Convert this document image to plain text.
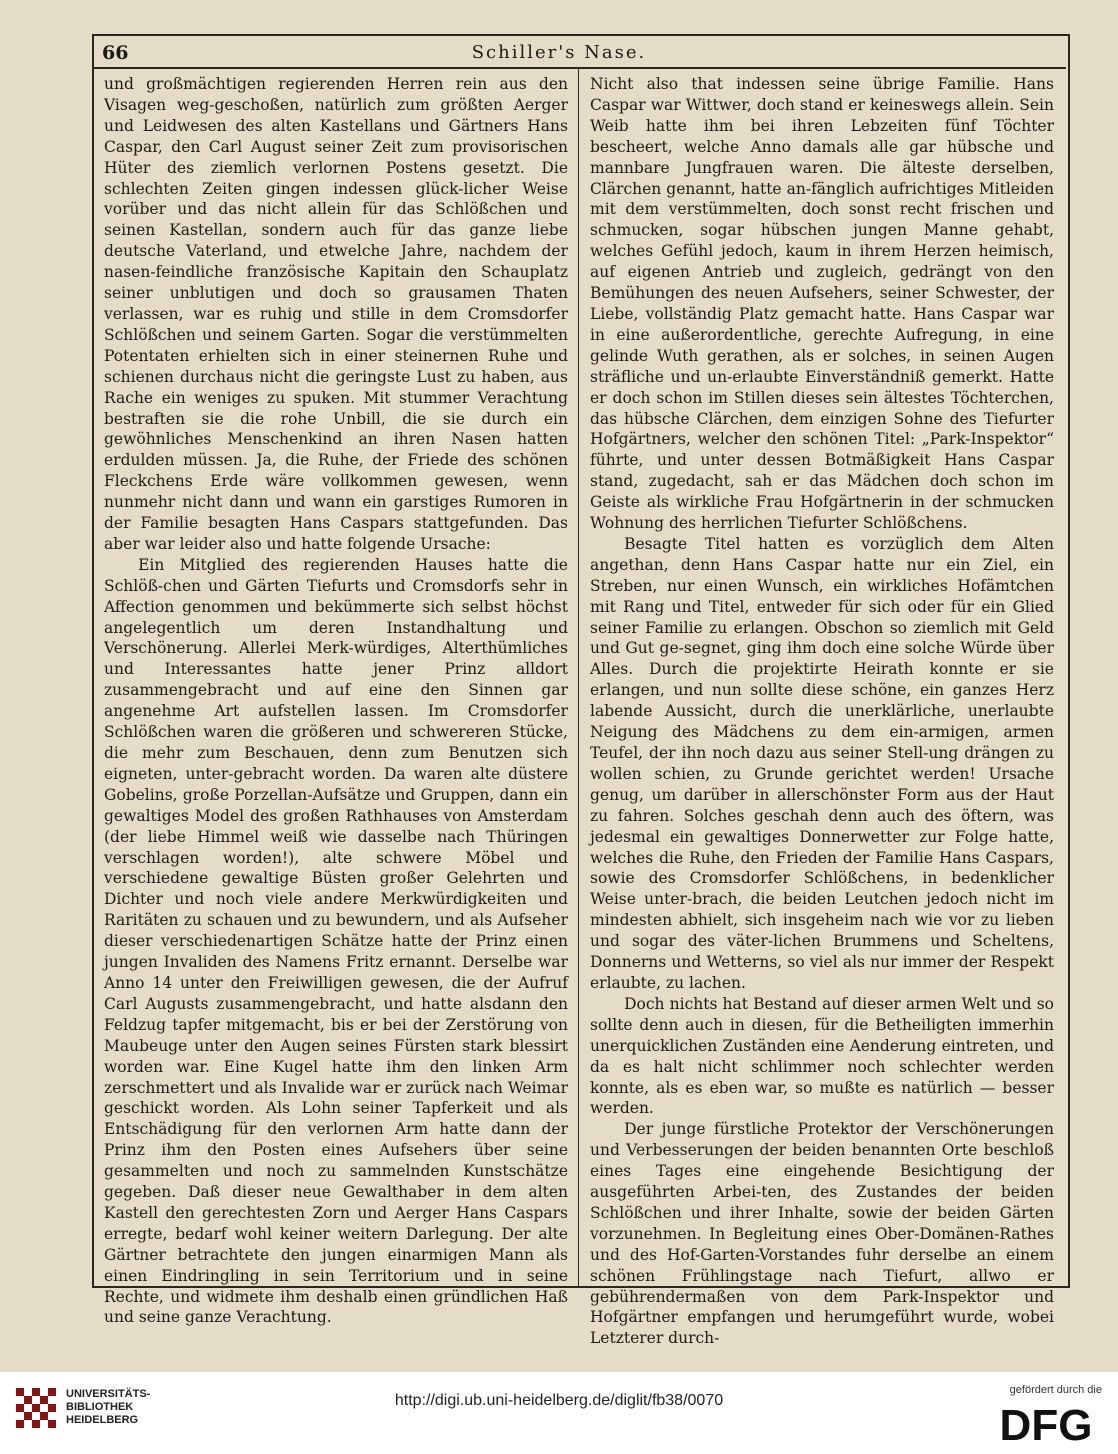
66	Schiller's Nase.

und großmächtigen regierenden Herren rein aus den Visagen weg-geschoßen, natürlich zum größten Aerger und Leidwesen des alten Kastellans und Gärtners Hans Caspar, den Carl August seiner Zeit zum provisorischen Hüter des ziemlich verlornen Postens gesetzt. Die schlechten Zeiten gingen indessen glück-licher Weise vorüber und das nicht allein für das Schlößchen und seinen Kastellan, sondern auch für das ganze liebe deutsche Vaterland, und etwelche Jahre, nachdem der nasen-feindliche französische Kapitain den Schauplatz seiner unblutigen und doch so grausamen Thaten verlassen, war es ruhig und stille in dem Cromsdorfer Schlößchen und seinem Garten. Sogar die verstümmelten Potentaten erhielten sich in einer steinernen Ruhe und schienen durchaus nicht die geringste Lust zu haben, aus Rache ein weniges zu spuken. Mit stummer Verachtung bestraften sie die rohe Unbill, die sie durch ein gewöhnliches Menschenkind an ihren Nasen hatten erdulden müssen. Ja, die Ruhe, der Friede des schönen Fleckchens Erde wäre vollkommen gewesen, wenn nunmehr nicht dann und wann ein garstiges Rumoren in der Familie besagten Hans Caspars stattgefunden. Das aber war leider also und hatte folgende Ursache:

Ein Mitglied des regierenden Hauses hatte die Schlöß-chen und Gärten Tiefurts und Cromsdorfs sehr in Affection genommen und bekümmerte sich selbst höchst angelegentlich um deren Instandhaltung und Verschönerung. Allerlei Merk-würdiges, Alterthümliches und Interessantes hatte jener Prinz alldort zusammengebracht und auf eine den Sinnen gar angenehme Art aufstellen lassen. Im Cromsdorfer Schlößchen waren die größeren und schwereren Stücke, die mehr zum Beschauen, denn zum Benutzen sich eigneten, unter-gebracht worden. Da waren alte düstere Gobelins, große Porzellan-Aufsätze und Gruppen, dann ein gewaltiges Model des großen Rathhauses von Amsterdam (der liebe Himmel weiß wie dasselbe nach Thüringen verschlagen worden!), alte schwere Möbel und verschiedene gewaltige Büsten großer Gelehrten und Dichter und noch viele andere Merkwürdigkeiten und Raritäten zu schauen und zu bewundern, und als Aufseher dieser verschiedenartigen Schätze hatte der Prinz einen jungen Invaliden des Namens Fritz ernannt. Derselbe war Anno 14 unter den Freiwilligen gewesen, die der Aufruf Carl Augusts zusammengebracht, und hatte alsdann den Feldzug tapfer mitgemacht, bis er bei der Zerstörung von Maubeuge unter den Augen seines Fürsten stark blessirt worden war. Eine Kugel hatte ihm den linken Arm zerschmettert und als Invalide war er zurück nach Weimar geschickt worden. Als Lohn seiner Tapferkeit und als Entschädigung für den verlornen Arm hatte dann der Prinz ihm den Posten eines Aufsehers über seine gesammelten und noch zu sammelnden Kunstschätze gegeben. Daß dieser neue Gewalthaber in dem alten Kastell den gerechtesten Zorn und Aerger Hans Caspars erregte, bedarf wohl keiner weitern Darlegung. Der alte Gärtner betrachtete den jungen einarmigen Mann als einen Eindringling in sein Territorium und in seine Rechte, und widmete ihm deshalb einen gründlichen Haß und seine ganze Verachtung.

Nicht also that indessen seine übrige Familie. Hans Caspar war Wittwer, doch stand er keineswegs allein. Sein Weib hatte ihm bei ihren Lebzeiten fünf Töchter bescheert, welche Anno damals alle gar hübsche und mannbare Jungfrauen waren. Die älteste derselben, Clärchen genannt, hatte an-fänglich aufrichtiges Mitleiden mit dem verstümmelten, doch sonst recht frischen und schmucken, sogar hübschen jungen Manne gehabt, welches Gefühl jedoch, kaum in ihrem Herzen heimisch, auf eigenen Antrieb und zugleich, gedrängt von den Bemühungen des neuen Aufsehers, seiner Schwester, der Liebe, vollständig Platz gemacht hatte. Hans Caspar war in eine außerordentliche, gerechte Aufregung, in eine gelinde Wuth gerathen, als er solches, in seinen Augen sträfliche und un-erlaubte Einverständniß gemerkt. Hatte er doch schon im Stillen dieses sein ältestes Töchterchen, das hübsche Clärchen, dem einzigen Sohne des Tiefurter Hofgärtners, welcher den schönen Titel: „Park-Inspektor“ führte, und unter dessen Botmäßigkeit Hans Caspar stand, zugedacht, sah er das Mädchen doch schon im Geiste als wirkliche Frau Hofgärtnerin in der schmucken Wohnung des herrlichen Tiefurter Schlößchens.

Besagte Titel hatten es vorzüglich dem Alten angethan, denn Hans Caspar hatte nur ein Ziel, ein Streben, nur einen Wunsch, ein wirkliches Hofämtchen mit Rang und Titel, entweder für sich oder für ein Glied seiner Familie zu erlangen. Obschon so ziemlich mit Geld und Gut ge-segnet, ging ihm doch eine solche Würde über Alles. Durch die projektirte Heirath konnte er sie erlangen, und nun sollte diese schöne, ein ganzes Herz labende Aussicht, durch die unerklärliche, unerlaubte Neigung des Mädchens zu dem ein-armigen, armen Teufel, der ihn noch dazu aus seiner Stell-ung drängen zu wollen schien, zu Grunde gerichtet werden! Ursache genug, um darüber in allerschönster Form aus der Haut zu fahren. Solches geschah denn auch des öftern, was jedesmal ein gewaltiges Donnerwetter zur Folge hatte, welches die Ruhe, den Frieden der Familie Hans Caspars, sowie des Cromsdorfer Schlößchens, in bedenklicher Weise unter-brach, die beiden Leutchen jedoch nicht im mindesten abhielt, sich insgeheim nach wie vor zu lieben und sogar des väter-lichen Brummens und Scheltens, Donnerns und Wetterns, so viel als nur immer der Respekt erlaubte, zu lachen.

Doch nichts hat Bestand auf dieser armen Welt und so sollte denn auch in diesen, für die Betheiligten immerhin unerquicklichen Zuständen eine Aenderung eintreten, und da es halt nicht schlimmer noch schlechter werden konnte, als es eben war, so mußte es natürlich — besser werden.

Der junge fürstliche Protektor der Verschönerungen und Verbesserungen der beiden benannten Orte beschloß eines Tages eine eingehende Besichtigung der ausgeführten Arbei-ten, des Zustandes der beiden Schlößchen und ihrer Inhalte, sowie der beiden Gärten vorzunehmen. In Begleitung eines Ober-Domänen-Rathes und des Hof-Garten-Vorstandes fuhr derselbe an einem schönen Frühlingstage nach Tiefurt, allwo er gebührendermaßen von dem Park-Inspektor und Hofgärtner empfangen und herumgeführt wurde, wobei Letzterer durch-

UNIVERSITÄTS-
BIBLIOTHEK
HEIDELBERG
http://digi.ub.uni-heidelberg.de/diglit/fb38/0070
gefördert durch die
DFG
